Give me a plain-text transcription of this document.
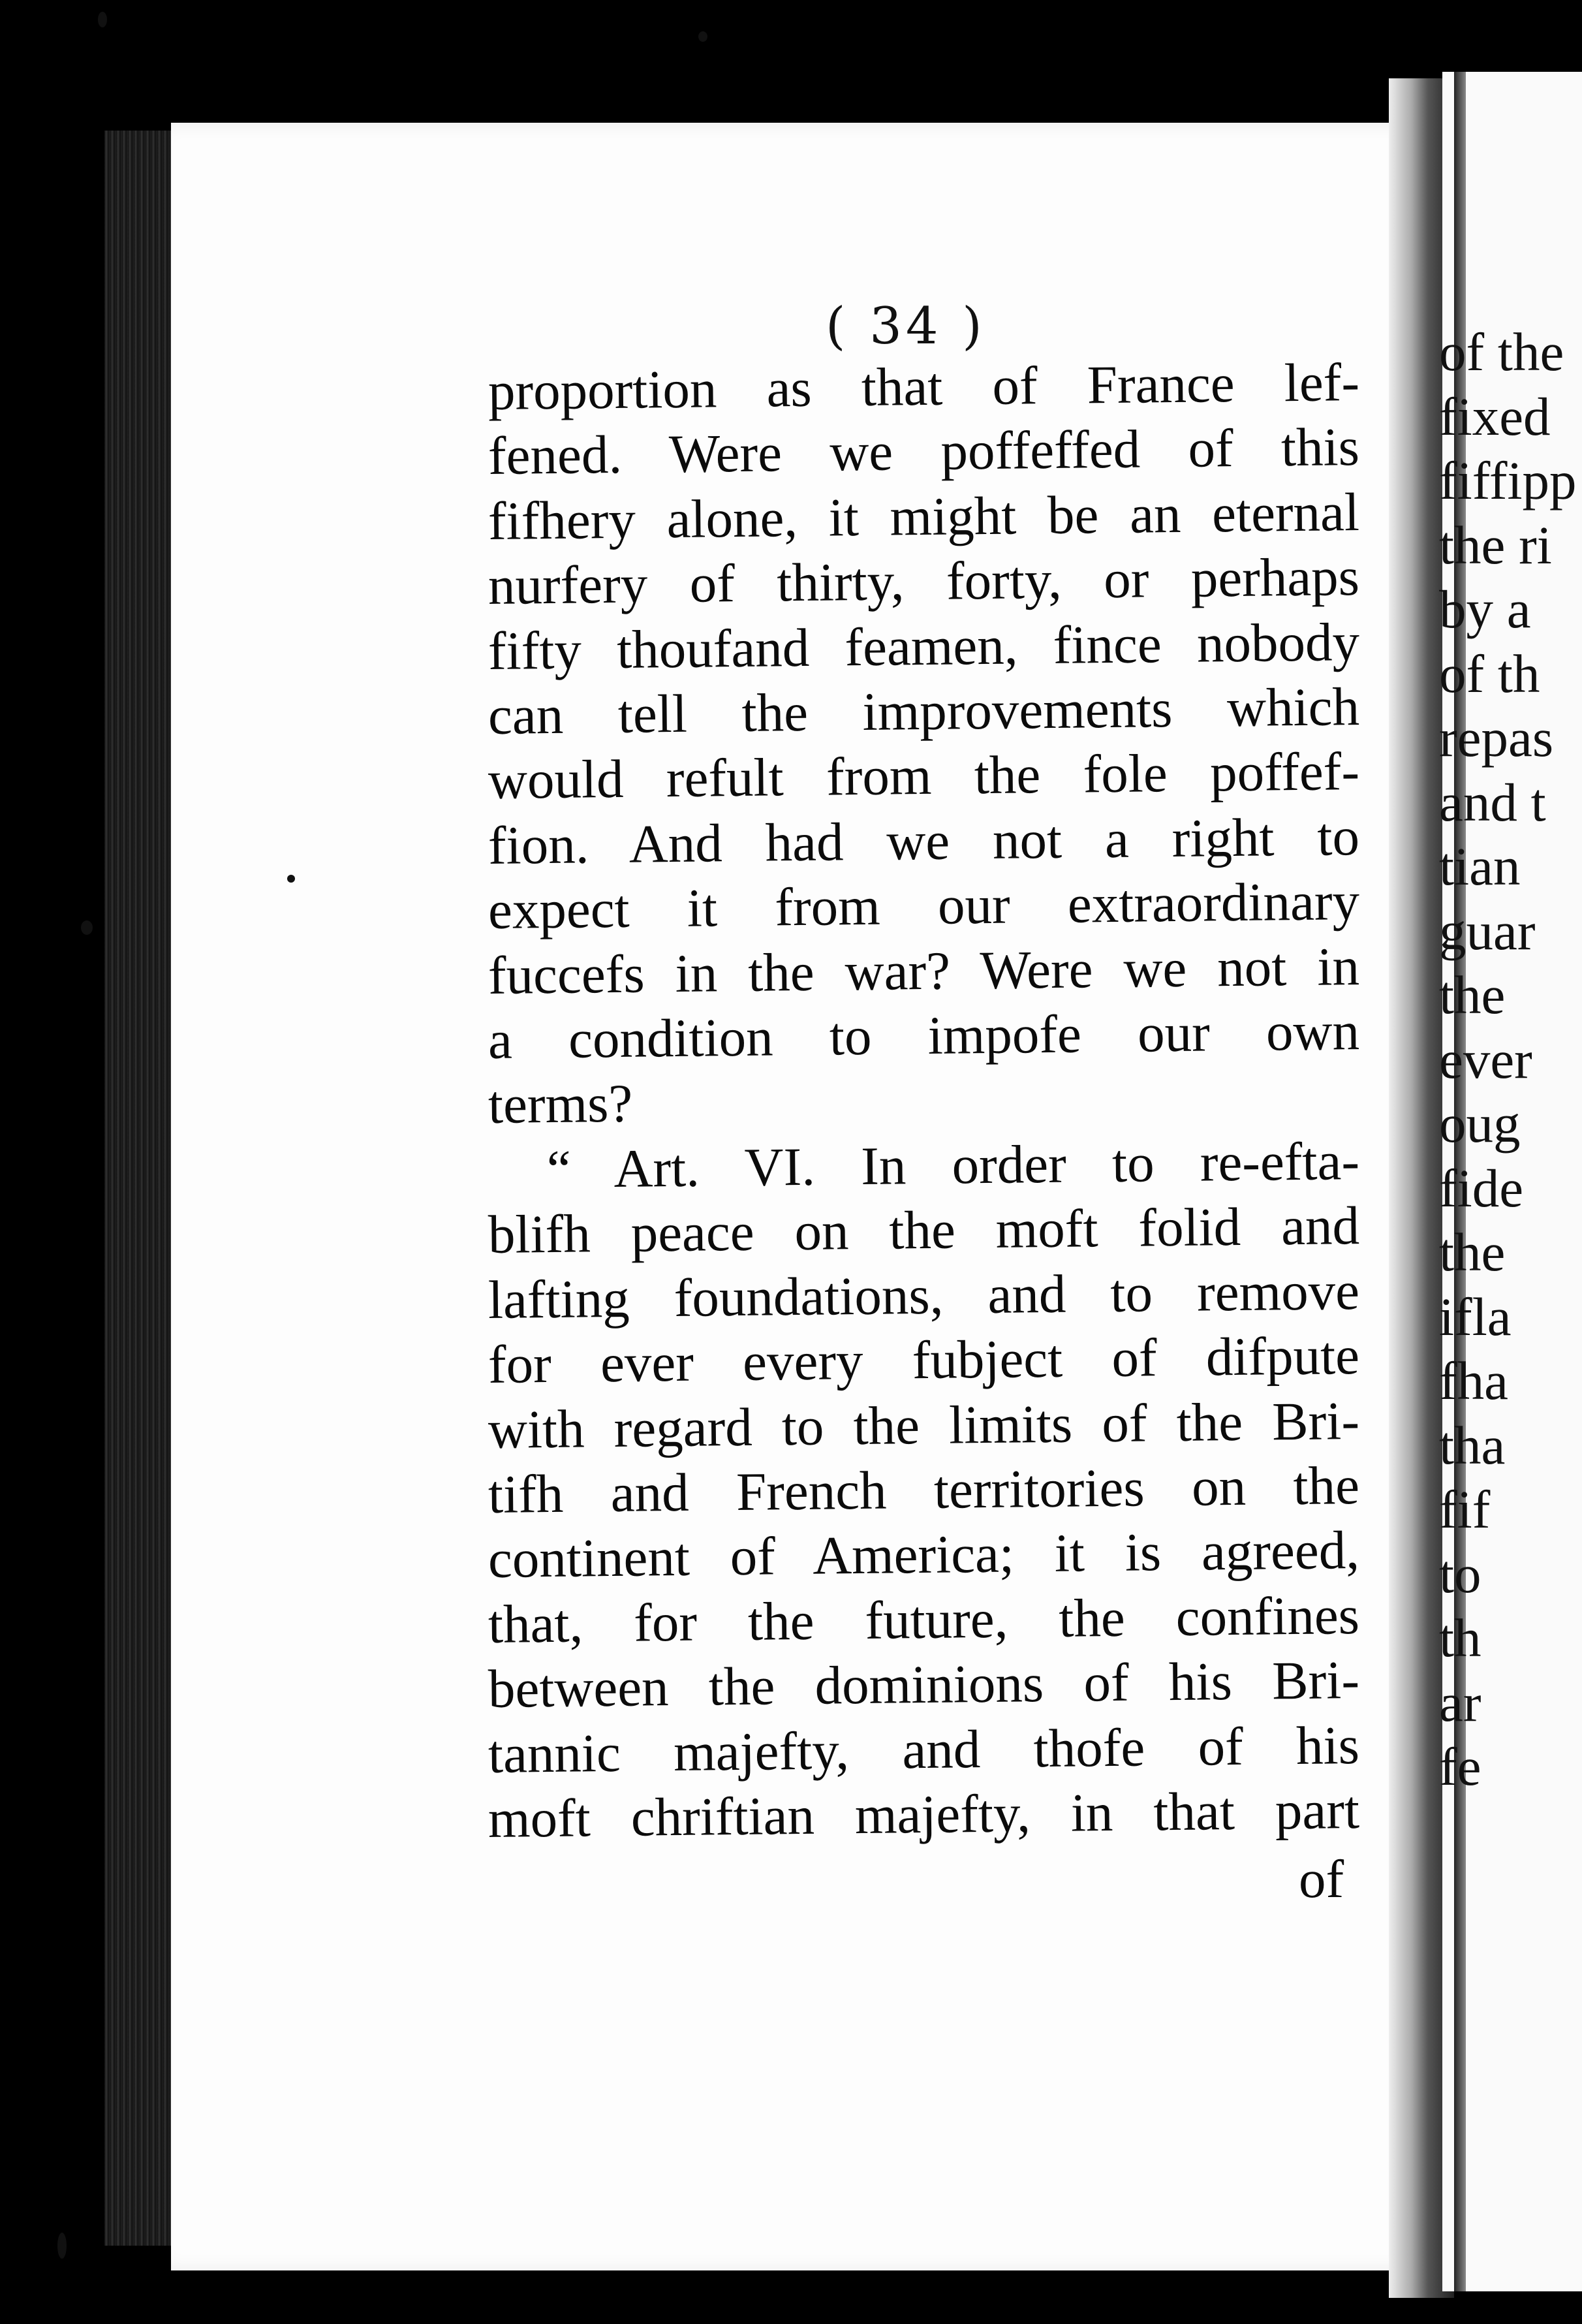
( 34 )
proportion as that of France lef-
fened. Were we poffeffed of this
fifhery alone, it might be an eternal
nurfery of thirty, forty, or perhaps
fifty thoufand feamen, fince nobody
can tell the improvements which
would refult from the fole poffef-
fion. And had we not a right to
expect it from our extraordinary
fuccefs in the war? Were we not in
a condition to impofe our own
terms?
“ Art. VI. In order to re-efta-
blifh peace on the moft folid and
lafting foundations, and to remove
for ever every fubject of difpute
with regard to the limits of the Bri-
tifh and French territories on the
continent of America; it is agreed,
that, for the future, the confines
between the dominions of his Bri-
tannic majefty, and thofe of his
moft chriftian majefty, in that part
of
of the
fixed
fiffipp
the ri
by a
of th
repas
and t
tian
guar
the
ever
oug
fide
the
ifla
fha
tha
fif
to
th
ar
fe
